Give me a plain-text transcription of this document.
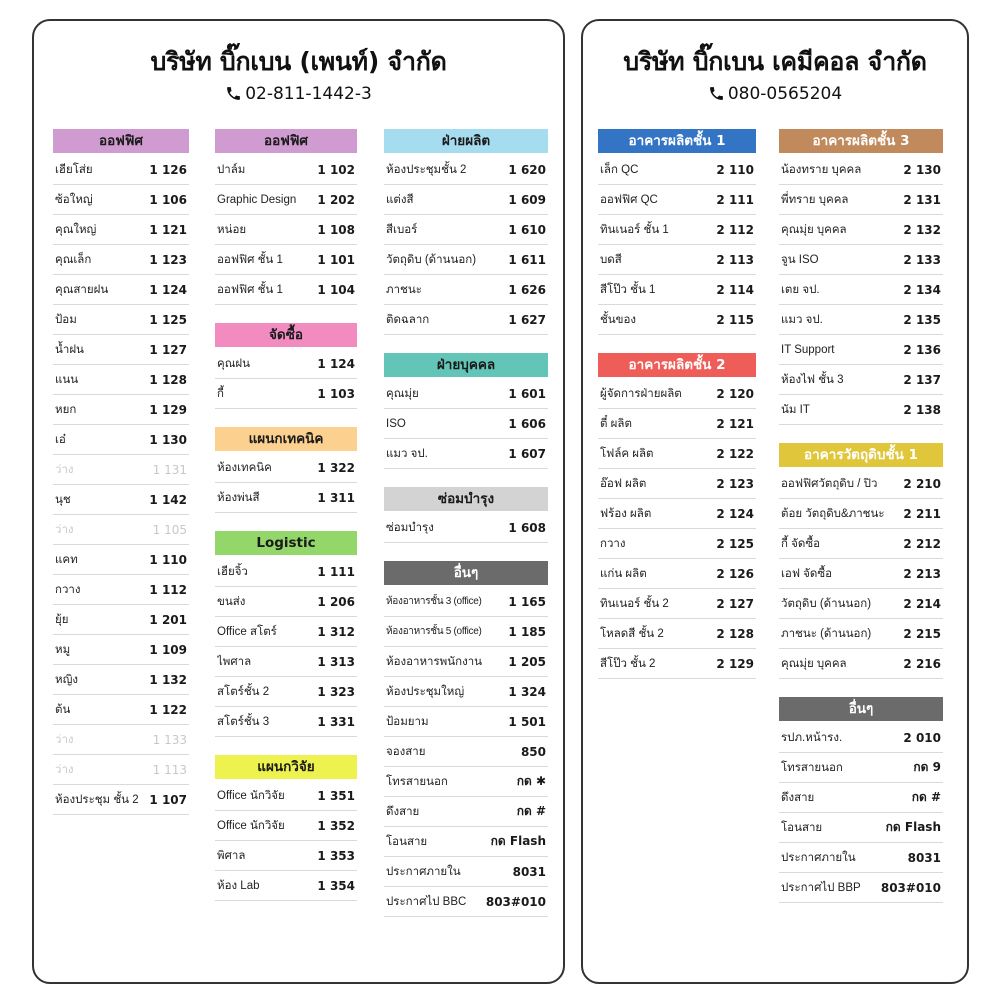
บริษัท บิ๊กเบน (เพนท์) จำกัด
02-811-1442-3
ออฟฟิศ
เฮียโส่ย	1 126
ซ้อใหญ่	1 106
คุณใหญ่	1 121
คุณเล็ก	1 123
คุณสายฝน	1 124
ป้อม	1 125
น้ำฝน	1 127
แนน	1 128
หยก	1 129
เอ๋	1 130
ว่าง	1 131
นุช	1 142
ว่าง	1 105
แคท	1 110
กวาง	1 112
ยุ้ย	1 201
หมู	1 109
หญิง	1 132
ต้น	1 122
ว่าง	1 133
ว่าง	1 113
ห้องประชุม ชั้น 2 1 107
ออฟฟิศ
ปาล์ม	1 102
Graphic Design 1 202
หน่อย	1 108
ออฟฟิศ ชั้น 1	1 101
ออฟฟิศ ชั้น 1	1 104
จัดซื้อ
คุณฝน	1 124
กี้	1 103
แผนกเทคนิค
ห้องเทคนิค	1 322
ห้องพ่นสี	1 311
Logistic
เฮียจิ้ว	1 111
ขนส่ง	1 206
Office สโตร์	1 312
ไพศาล	1 313
สโตร์ชั้น 2	1 323
สโตร์ชั้น 3	1 331
แผนกวิจัย
Office นักวิจัย	1 351
Office นักวิจัย	1 352
พิศาล	1 353
ห้อง Lab	1 354
ฝ่ายผลิต
ห้องประชุมชั้น 2	1 620
แต่งสี	1 609
สีเบอร์	1 610
วัตถุดิบ (ด้านนอก)	1 611
ภาชนะ	1 626
ติดฉลาก	1 627
ฝ่ายบุคคล
คุณมุ่ย	1 601
ISO	1 606
แมว จป.	1 607
ซ่อมบำรุง
ซ่อมบำรุง	1 608
อื่นๆ
ห้องอาหารชั้น 3 (office) 1 165
ห้องอาหารชั้น 5 (office) 1 185
ห้องอาหารพนักงาน 1 205
ห้องประชุมใหญ่	1 324
ป้อมยาม	1 501
จองสาย	850
โทรสายนอก	กด ✱
ดึงสาย	กด #
โอนสาย	กด Flash
ประกาศภายใน	8031
ประกาศไป BBC 803#010
บริษัท บิ๊กเบน เคมีคอล จำกัด
080-0565204
อาคารผลิตชั้น 1
เล็ก QC	2 110
ออฟฟิศ QC	2 111
ทินเนอร์ ชั้น 1	2 112
บดสี	2 113
สีโป๊ว ชั้น 1	2 114
ชั้นของ	2 115
อาคารผลิตชั้น 2
ผู้จัดการฝ่ายผลิต	2 120
ตี๋ ผลิต	2 121
โฟล์ค ผลิต	2 122
อ๊อฟ ผลิต	2 123
ฟร้อง ผลิต	2 124
กวาง	2 125
แก่น ผลิต	2 126
ทินเนอร์ ชั้น 2	2 127
โหลดสี ชั้น 2	2 128
สีโป๊ว ชั้น 2	2 129
อาคารผลิตชั้น 3
น้องทราย บุคคล	2 130
พี่ทราย บุคคล	2 131
คุณมุ่ย บุคคล	2 132
จูน ISO	2 133
เตย จป.	2 134
แมว จป.	2 135
IT Support	2 136
ห้องไฟ ชั้น 3	2 137
นัม IT	2 138
อาคารวัตถุดิบชั้น 1
ออฟฟิศวัตถุดิบ / ปิว 2 210
ต้อย วัตถุดิบ&ภาชนะ 2 211
กี้ จัดซื้อ	2 212
เอฟ จัดซื้อ	2 213
วัตถุดิบ (ด้านนอก)	2 214
ภาชนะ (ด้านนอก)	2 215
คุณมุ่ย บุคคล	2 216
อื่นๆ
รปภ.หน้ารง.	2 010
โทรสายนอก	กด 9
ดึงสาย	กด #
โอนสาย	กด Flash
ประกาศภายใน	8031
ประกาศไป BBP 803#010
